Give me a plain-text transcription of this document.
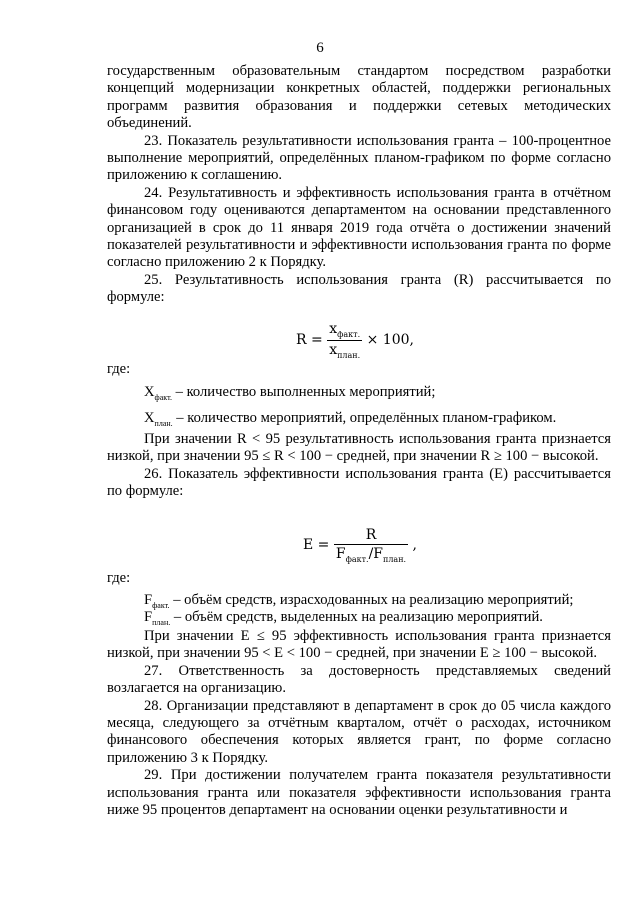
6

государственным образовательным стандартом посредством разработки концепций модернизации конкретных областей, поддержки региональных программ развития образования и поддержки сетевых методических объединений.

23. Показатель результативности использования гранта – 100-процентное выполнение мероприятий, определённых планом-графиком по форме согласно приложению к соглашению.

24. Результативность и эффективность использования гранта в отчётном финансовом году оцениваются департаментом на основании представленного организацией в срок до 11 января 2019 года отчёта о достижении значений показателей результативности и эффективности использования гранта по форме согласно приложению 2 к Порядку.

25. Результативность использования гранта (R) рассчитывается по формуле:

$R = \frac{x_{факт.}}{x_{план.}} \times 100$,
где:
$X_{факт.}$ – количество выполненных мероприятий;
$X_{план.}$ – количество мероприятий, определённых планом-графиком.

При значении R < 95 результативность использования гранта признается низкой, при значении 95 ≤ R < 100 − средней, при значении R ≥ 100 − высокой.

26. Показатель эффективности использования гранта (E) рассчитывается по формуле:

$E = \frac{R}{F_{факт.}/F_{план.}}$ ,
где:
$F_{факт.}$ – объём средств, израсходованных на реализацию мероприятий;
$F_{план.}$ – объём средств, выделенных на реализацию мероприятий.

При значении E ≤ 95 эффективность использования гранта признается низкой, при значении 95 < E < 100 − средней, при значении E ≥ 100 − высокой.

27. Ответственность за достоверность представляемых сведений возлагается на организацию.

28. Организации представляют в департамент в срок до 05 числа каждого месяца, следующего за отчётным кварталом, отчёт о расходах, источником финансового обеспечения которых является грант, по форме согласно приложению 3 к Порядку.

29. При достижении получателем гранта показателя результативности использования гранта или показателя эффективности использования гранта ниже 95 процентов департамент на основании оценки результативности и
